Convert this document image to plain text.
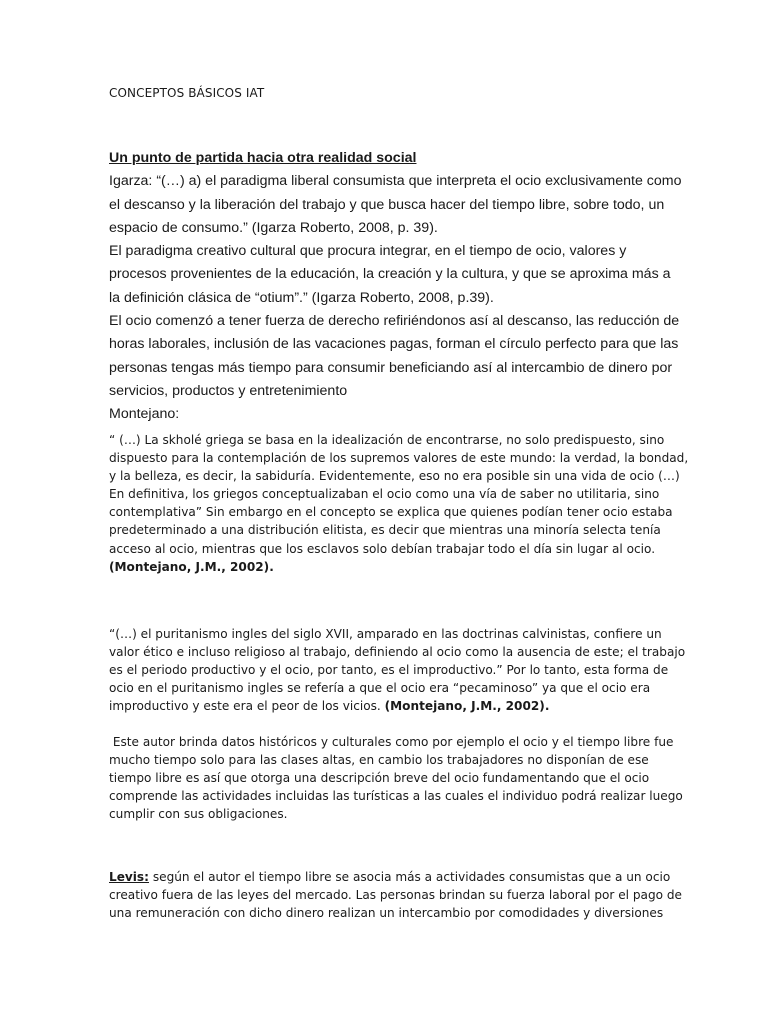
CONCEPTOS BÁSICOS IAT
Un punto de partida hacia otra realidad social

Igarza: “(…) a) el paradigma liberal consumista que interpreta el ocio exclusivamente como
el descanso y la liberación del trabajo y que busca hacer del tiempo libre, sobre todo, un
espacio de consumo.” (Igarza Roberto, 2008, p. 39).

El paradigma creativo cultural que procura integrar, en el tiempo de ocio, valores y
procesos provenientes de la educación, la creación y la cultura, y que se aproxima más a
la definición clásica de “otium”.” (Igarza Roberto, 2008, p.39).

El ocio comenzó a tener fuerza de derecho refiriéndonos así al descanso, las reducción de
horas laborales, inclusión de las vacaciones pagas, forman el círculo perfecto para que las
personas tengas más tiempo para consumir beneficiando así al intercambio de dinero por
servicios, productos y entretenimiento

Montejano:
“ (…) La skholé griega se basa en la idealización de encontrarse, no solo predispuesto, sino
dispuesto para la contemplación de los supremos valores de este mundo: la verdad, la bondad,
y la belleza, es decir, la sabiduría. Evidentemente, eso no era posible sin una vida de ocio (…)
En definitiva, los griegos conceptualizaban el ocio como una vía de saber no utilitaria, sino
contemplativa” Sin embargo en el concepto se explica que quienes podían tener ocio estaba
predeterminado a una distribución elitista, es decir que mientras una minoría selecta tenía
acceso al ocio, mientras que los esclavos solo debían trabajar todo el día sin lugar al ocio.
(Montejano, J.M., 2002).
“(…) el puritanismo ingles del siglo XVII, amparado en las doctrinas calvinistas, confiere un
valor ético e incluso religioso al trabajo, definiendo al ocio como la ausencia de este; el trabajo
es el periodo productivo y el ocio, por tanto, es el improductivo.” Por lo tanto, esta forma de
ocio en el puritanismo ingles se refería a que el ocio era “pecaminoso” ya que el ocio era
improductivo y este era el peor de los vicios. (Montejano, J.M., 2002).
Este autor brinda datos históricos y culturales como por ejemplo el ocio y el tiempo libre fue
mucho tiempo solo para las clases altas, en cambio los trabajadores no disponían de ese
tiempo libre es así que otorga una descripción breve del ocio fundamentando que el ocio
comprende las actividades incluidas las turísticas a las cuales el individuo podrá realizar luego
cumplir con sus obligaciones.
Levis: según el autor el tiempo libre se asocia más a actividades consumistas que a un ocio
creativo fuera de las leyes del mercado. Las personas brindan su fuerza laboral por el pago de
una remuneración con dicho dinero realizan un intercambio por comodidades y diversiones
